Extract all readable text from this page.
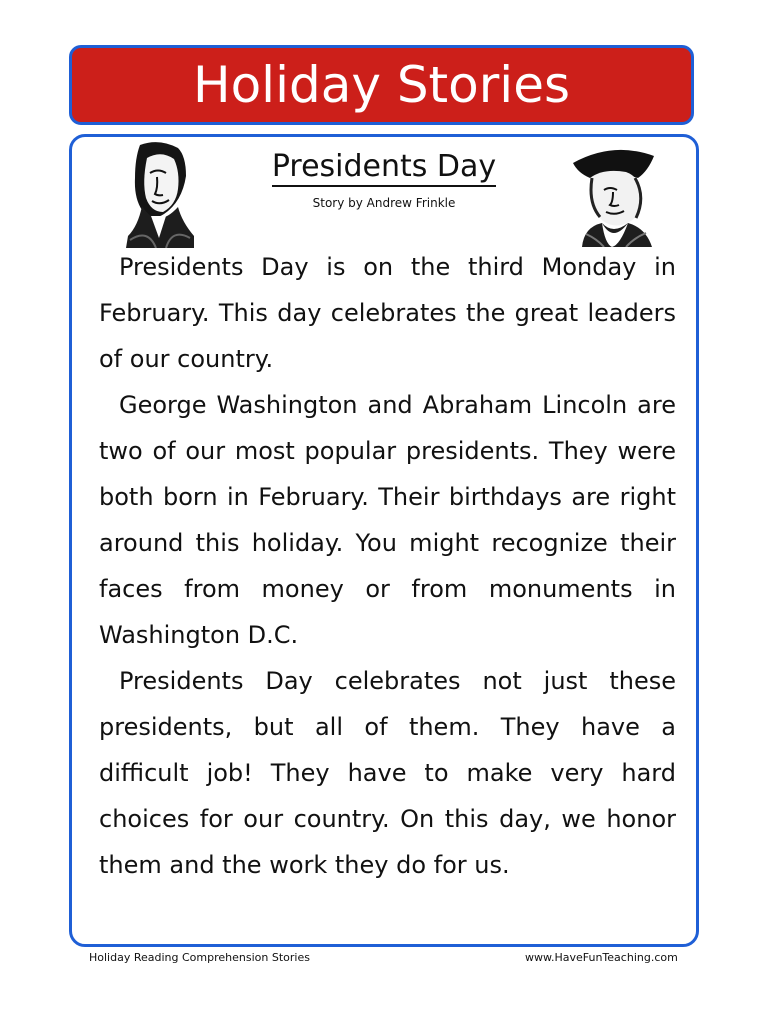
Holiday Stories
Presidents Day
Story by Andrew Frinkle

Presidents Day is on the third Monday in February. This day celebrates the great leaders of our country.

George Washington and Abraham Lincoln are two of our most popular presidents. They were both born in February. Their birthdays are right around this holiday. You might recognize their faces from money or from monuments in Washington D.C.

Presidents Day celebrates not just these presidents, but all of them. They have a difficult job! They have to make very hard choices for our country. On this day, we honor them and the work they do for us.

Holiday Reading Comprehension Stories	www.HaveFunTeaching.com
